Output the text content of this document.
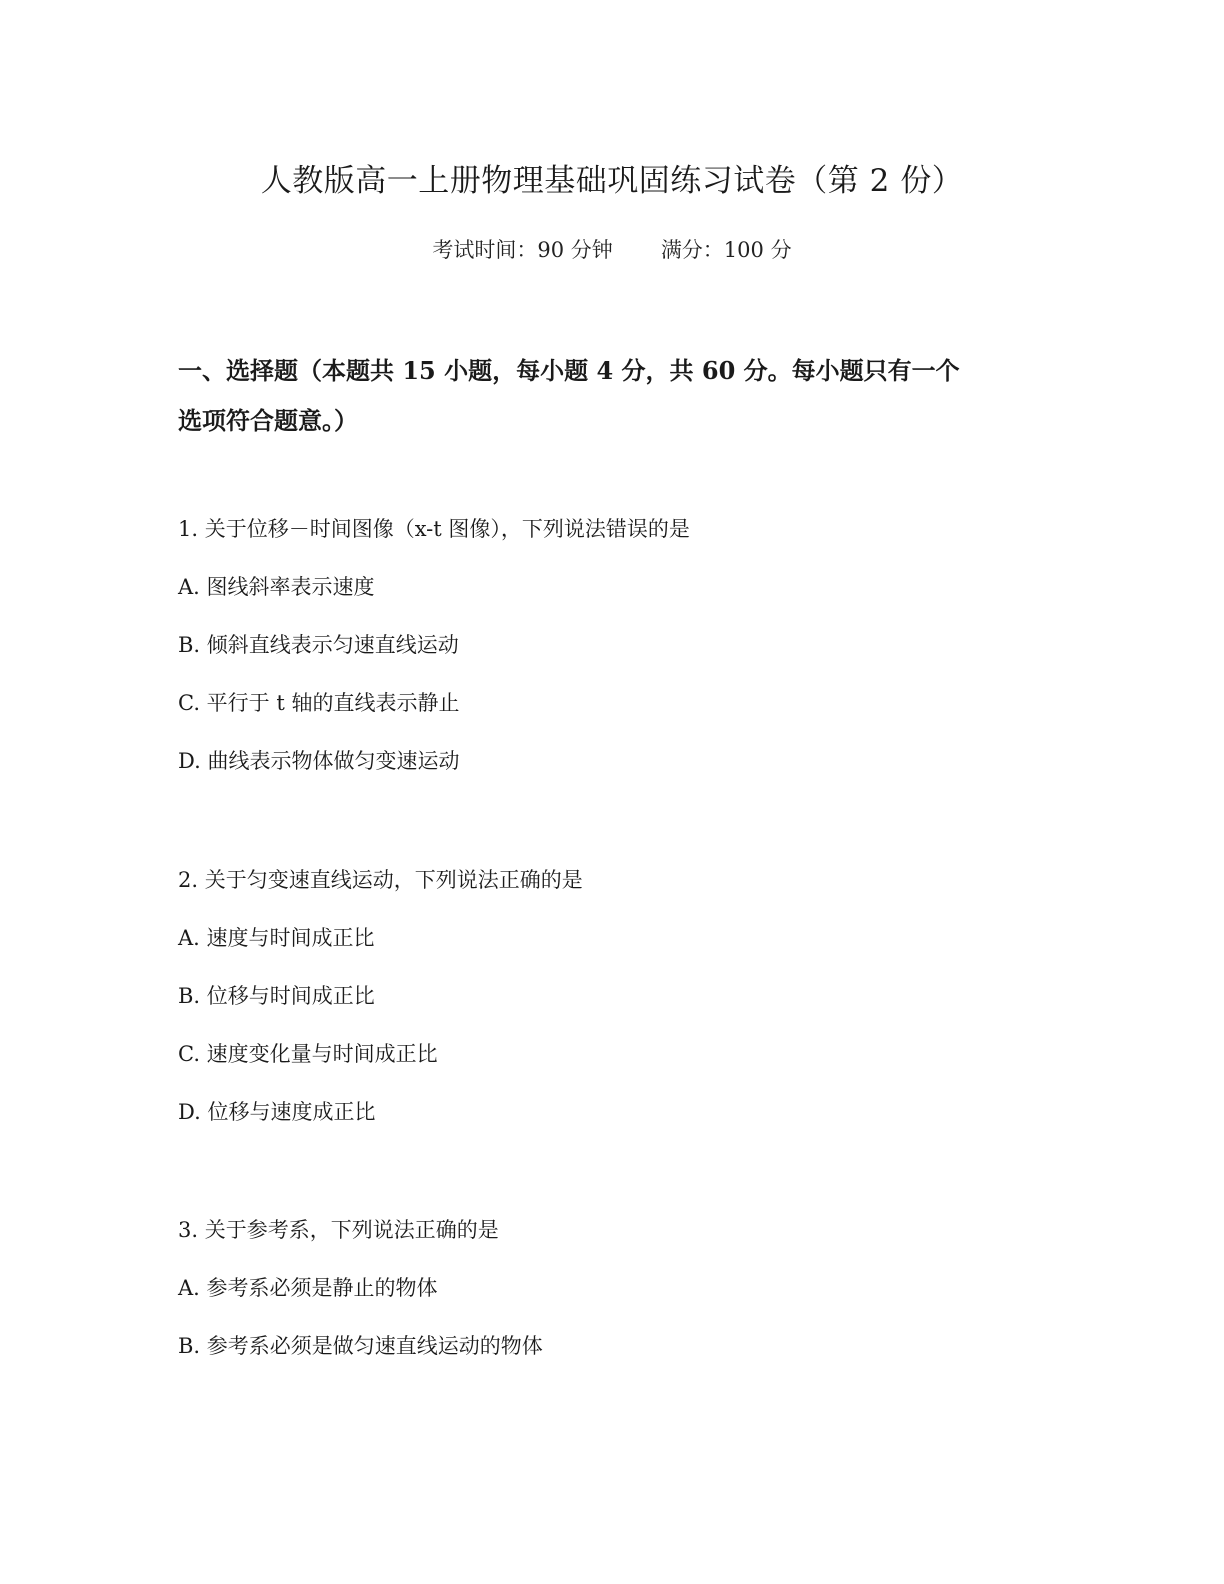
人教版高一上册物理基础巩固练习试卷（第 2 份）
考试时间：90 分钟 满分：100 分
一、选择题（本题共 15 小题，每小题 4 分，共 60 分。每小题只有一个
选项符合题意。）

1. 关于位移－时间图像（x-t 图像），下列说法错误的是

A. 图线斜率表示速度

B. 倾斜直线表示匀速直线运动

C. 平行于 t 轴的直线表示静止

D. 曲线表示物体做匀变速运动

2. 关于匀变速直线运动，下列说法正确的是

A. 速度与时间成正比

B. 位移与时间成正比

C. 速度变化量与时间成正比

D. 位移与速度成正比

3. 关于参考系，下列说法正确的是

A. 参考系必须是静止的物体

B. 参考系必须是做匀速直线运动的物体
